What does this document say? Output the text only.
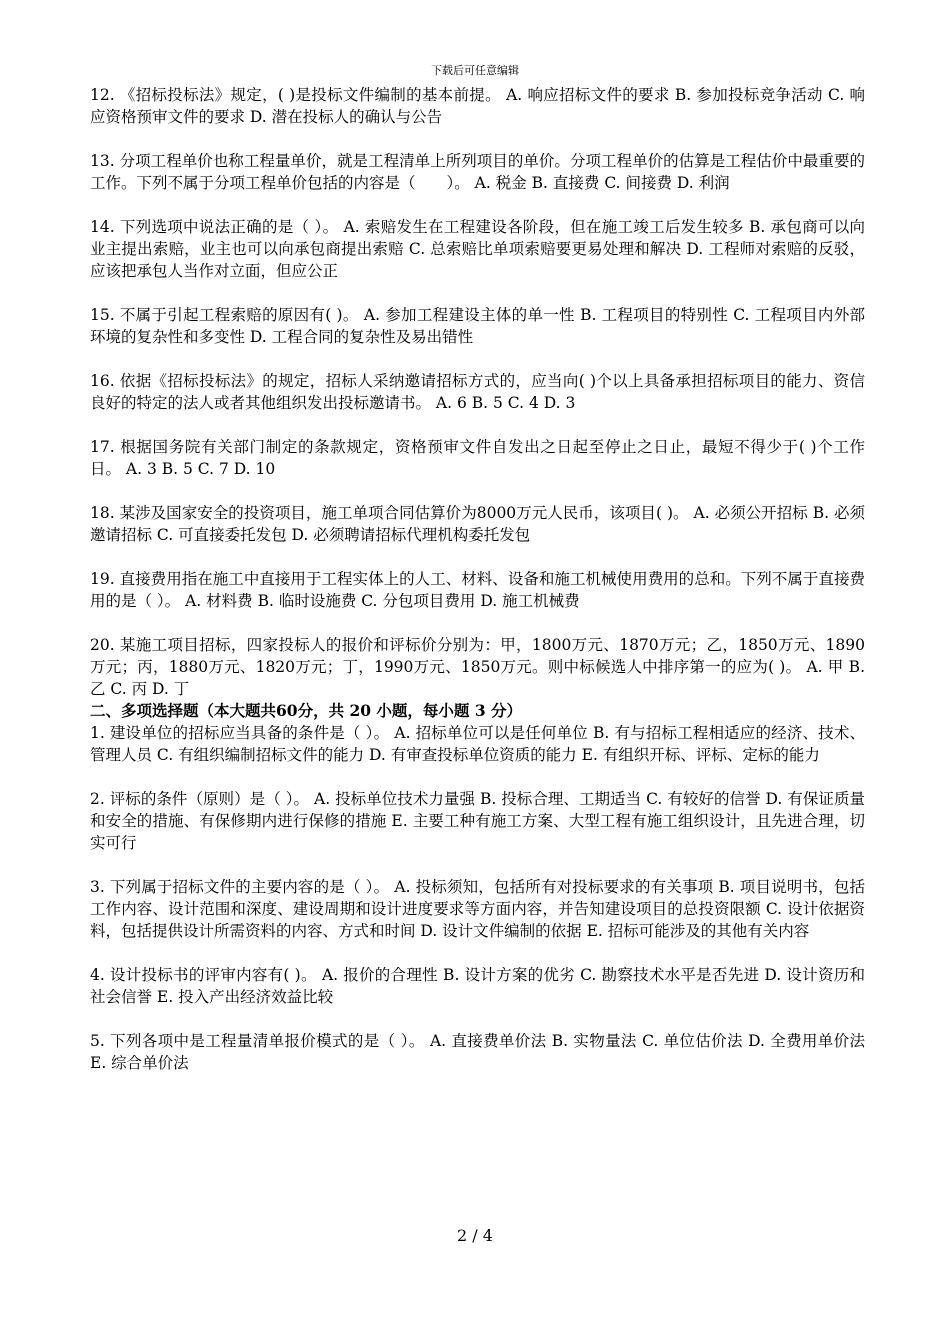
下载后可任意编辑

12. 《招标投标法》规定，( )是投标文件编制的基本前提。 A. 响应招标文件的要求 B. 参加投标竞争活动 C. 响应资格预审文件的要求 D. 潜在投标人的确认与公告

13. 分项工程单价也称工程量单价，就是工程清单上所列项目的单价。分项工程单价的估算是工程估价中最重要的工作。下列不属于分项工程单价包括的内容是（　　）。 A. 税金 B. 直接费 C. 间接费 D. 利润

14. 下列选项中说法正确的是（ ）。 A. 索赔发生在工程建设各阶段，但在施工竣工后发生较多 B. 承包商可以向业主提出索赔，业主也可以向承包商提出索赔 C. 总索赔比单项索赔要更易处理和解决 D. 工程师对索赔的反驳，应该把承包人当作对立面，但应公正

15. 不属于引起工程索赔的原因有( )。 A. 参加工程建设主体的单一性 B. 工程项目的特别性 C. 工程项目内外部环境的复杂性和多变性 D. 工程合同的复杂性及易出错性

16. 依据《招标投标法》的规定，招标人采纳邀请招标方式的，应当向( )个以上具备承担招标项目的能力、资信良好的特定的法人或者其他组织发出投标邀请书。 A. 6 B. 5 C. 4 D. 3

17. 根据国务院有关部门制定的条款规定，资格预审文件自发出之日起至停止之日止，最短不得少于( )个工作日。 A. 3 B. 5 C. 7 D. 10

18. 某涉及国家安全的投资项目，施工单项合同估算价为8000万元人民币，该项目( )。 A. 必须公开招标 B. 必须邀请招标 C. 可直接委托发包 D. 必须聘请招标代理机构委托发包

19. 直接费用指在施工中直接用于工程实体上的人工、材料、设备和施工机械使用费用的总和。下列不属于直接费用的是（ ）。 A. 材料费 B. 临时设施费 C. 分包项目费用 D. 施工机械费

20. 某施工项目招标，四家投标人的报价和评标价分别为：甲，1800万元、1870万元；乙，1850万元、1890万元；丙，1880万元、1820万元；丁，1990万元、1850万元。则中标候选人中排序第一的应为( )。 A. 甲 B. 乙 C. 丙 D. 丁

二、多项选择题（本大题共60分，共 20 小题，每小题 3 分）

1. 建设单位的招标应当具备的条件是（ ）。 A. 招标单位可以是任何单位 B. 有与招标工程相适应的经济、技术、管理人员 C. 有组织编制招标文件的能力 D. 有审查投标单位资质的能力 E. 有组织开标、评标、定标的能力

2. 评标的条件（原则）是（ ）。 A. 投标单位技术力量强 B. 投标合理、工期适当 C. 有较好的信誉 D. 有保证质量和安全的措施、有保修期内进行保修的措施 E. 主要工种有施工方案、大型工程有施工组织设计，且先进合理，切实可行

3. 下列属于招标文件的主要内容的是（ ）。 A. 投标须知，包括所有对投标要求的有关事项 B. 项目说明书，包括工作内容、设计范围和深度、建设周期和设计进度要求等方面内容，并告知建设项目的总投资限额 C. 设计依据资料，包括提供设计所需资料的内容、方式和时间 D. 设计文件编制的依据 E. 招标可能涉及的其他有关内容

4. 设计投标书的评审内容有( )。 A. 报价的合理性 B. 设计方案的优劣 C. 勘察技术水平是否先进 D. 设计资历和社会信誉 E. 投入产出经济效益比较

5. 下列各项中是工程量清单报价模式的是（ ）。 A. 直接费单价法 B. 实物量法 C. 单位估价法 D. 全费用单价法 E. 综合单价法

2 / 4
